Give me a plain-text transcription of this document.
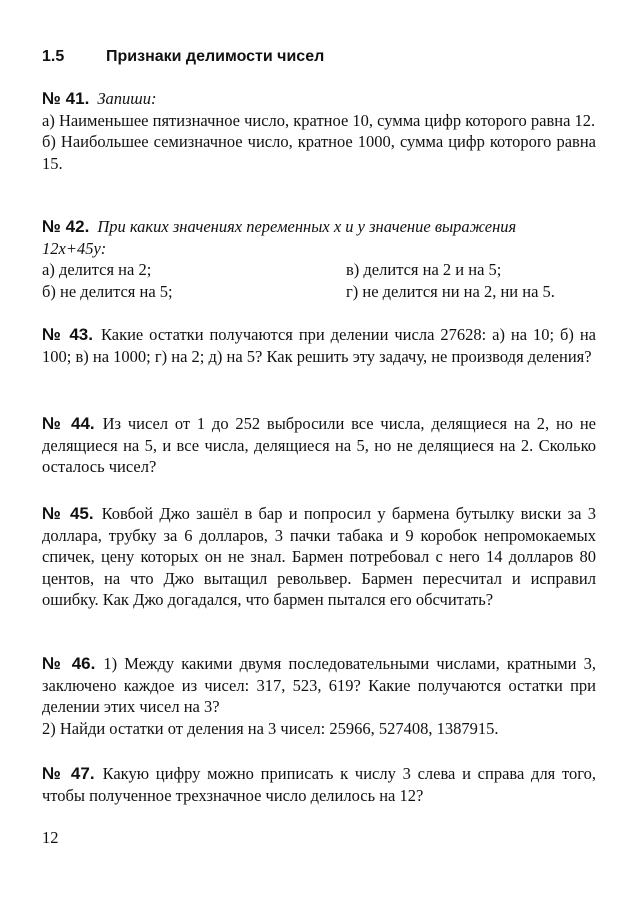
1.5	Признаки делимости чисел

№ 41. Запиши:

а) Наименьшее пятизначное число, кратное 10, сумма цифр которого равна 12.

б) Наибольшее семизначное число, кратное 1000, сумма цифр которого равна 15.

№ 42. При каких значениях переменных x и y значение выражения

12x+45y:

а) делится на 2;	в) делится на 2 и на 5;
б) не делится на 5;	г) не делится ни на 2, ни на 5.

№ 43. Какие остатки получаются при делении числа 27628: а) на 10; б) на 100; в) на 1000; г) на 2; д) на 5? Как решить эту задачу, не производя деления?

№ 44. Из чисел от 1 до 252 выбросили все числа, делящиеся на 2, но не делящиеся на 5, и все числа, делящиеся на 5, но не делящиеся на 2. Сколько осталось чисел?

№ 45. Ковбой Джо зашёл в бар и попросил у бармена бутылку виски за 3 доллара, трубку за 6 долларов, 3 пачки табака и 9 коробок непромокаемых спичек, цену которых он не знал. Бармен потребовал с него 14 долларов 80 центов, на что Джо вытащил револьвер. Бармен пересчитал и исправил ошибку. Как Джо догадался, что бармен пытался его обсчитать?

№ 46. 1) Между какими двумя последовательными числами, кратными 3, заключено каждое из чисел: 317, 523, 619? Какие получаются остатки при делении этих чисел на 3?

2) Найди остатки от деления на 3 чисел: 25966, 527408, 1387915.

№ 47. Какую цифру можно приписать к числу 3 слева и справа для того, чтобы полученное трехзначное число делилось на 12?

12
